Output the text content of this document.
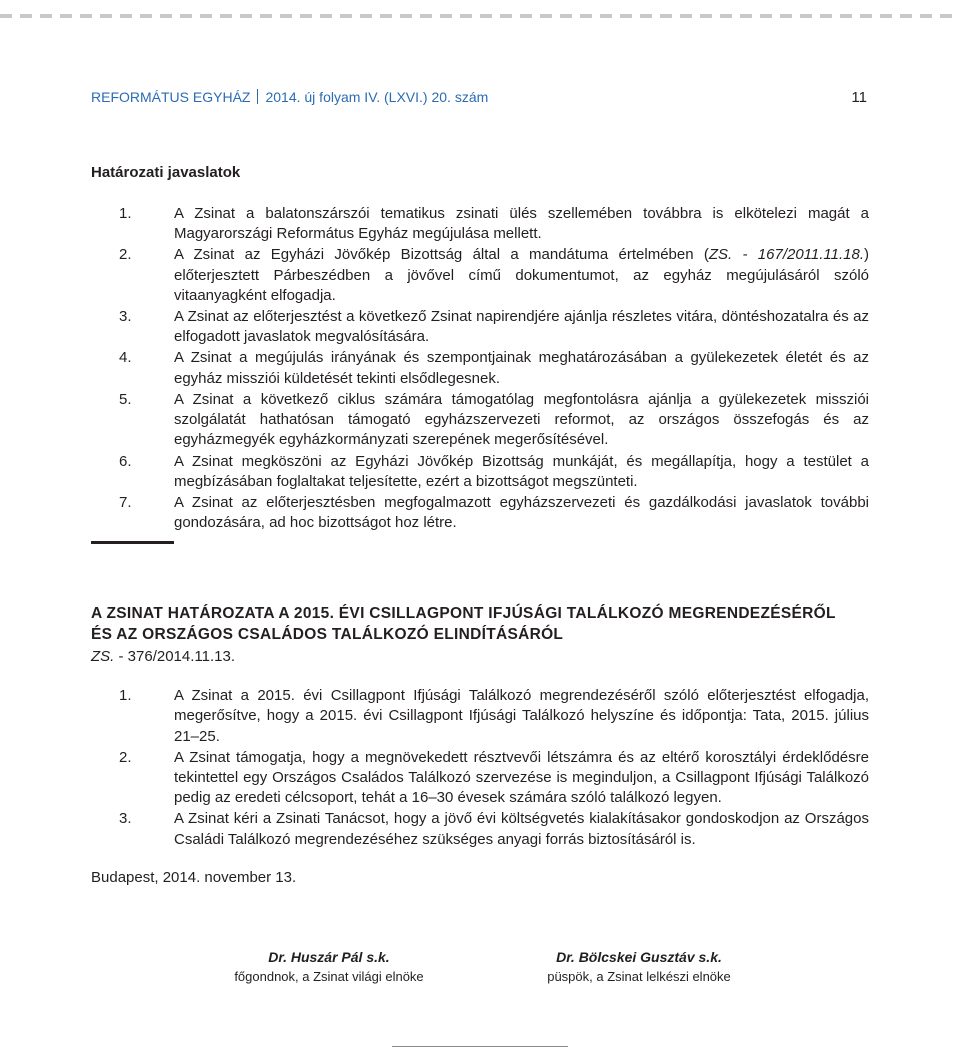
REFORMÁTUS EGYHÁZ 2014. új folyam IV. (LXVI.) 20. szám	11
Határozati javaslatok
1.	A Zsinat a balatonszárszói tematikus zsinati ülés szellemében továbbra is elkötelezi magát a Magyarországi Református Egyház megújulása mellett.
2.	A Zsinat az Egyházi Jövőkép Bizottság által a mandátuma értelmében (ZS. - 167/2011.11.18.) előterjesztett Párbeszédben a jövővel című dokumentumot, az egyház megújulásáról szóló vitaanyagként elfogadja.
3.	A Zsinat az előterjesztést a következő Zsinat napirendjére ajánlja részletes vitára, döntéshozatalra és az elfogadott javaslatok megvalósítására.
4.	A Zsinat a megújulás irányának és szempontjainak meghatározásában a gyülekezetek életét és az egyház missziói küldetését tekinti elsődlegesnek.
5.	A Zsinat a következő ciklus számára támogatólag megfontolásra ajánlja a gyülekezetek missziói szolgálatát hathatósan támogató egyházszervezeti reformot, az országos összefogás és az egyházmegyék egyházkormányzati szerepének megerősítésével.
6.	A Zsinat megköszöni az Egyházi Jövőkép Bizottság munkáját, és megállapítja, hogy a testület a megbízásában foglaltakat teljesítette, ezért a bizottságot megszünteti.
7.	A Zsinat az előterjesztésben megfogalmazott egyházszervezeti és gazdálkodási javaslatok további gondozására, ad hoc bizottságot hoz létre.
A ZSINAT HATÁROZATA A 2015. ÉVI CSILLAGPONT IFJÚSÁGI TALÁLKOZÓ MEGRENDEZÉSÉRŐL
ÉS AZ ORSZÁGOS CSALÁDOS TALÁLKOZÓ ELINDÍTÁSÁRÓL
ZS. - 376/2014.11.13.
1.	A Zsinat a 2015. évi Csillagpont Ifjúsági Találkozó megrendezéséről szóló előterjesztést elfogadja, megerősítve, hogy a 2015. évi Csillagpont Ifjúsági Találkozó helyszíne és időpontja: Tata, 2015. július 21–25.
2.	A Zsinat támogatja, hogy a megnövekedett résztvevői létszámra és az eltérő korosztályi érdeklődésre tekintettel egy Országos Családos Találkozó szervezése is meginduljon, a Csillagpont Ifjúsági Találkozó pedig az eredeti célcsoport, tehát a 16–30 évesek számára szóló találkozó legyen.
3.	A Zsinat kéri a Zsinati Tanácsot, hogy a jövő évi költségvetés kialakításakor gondoskodjon az Országos Családi Találkozó megrendezéséhez szükséges anyagi forrás biztosításáról is.
Budapest, 2014. november 13.
Dr. Huszár Pál s.k.
főgondnok, a Zsinat világi elnöke
Dr. Bölcskei Gusztáv s.k.
püspök, a Zsinat lelkészi elnöke
